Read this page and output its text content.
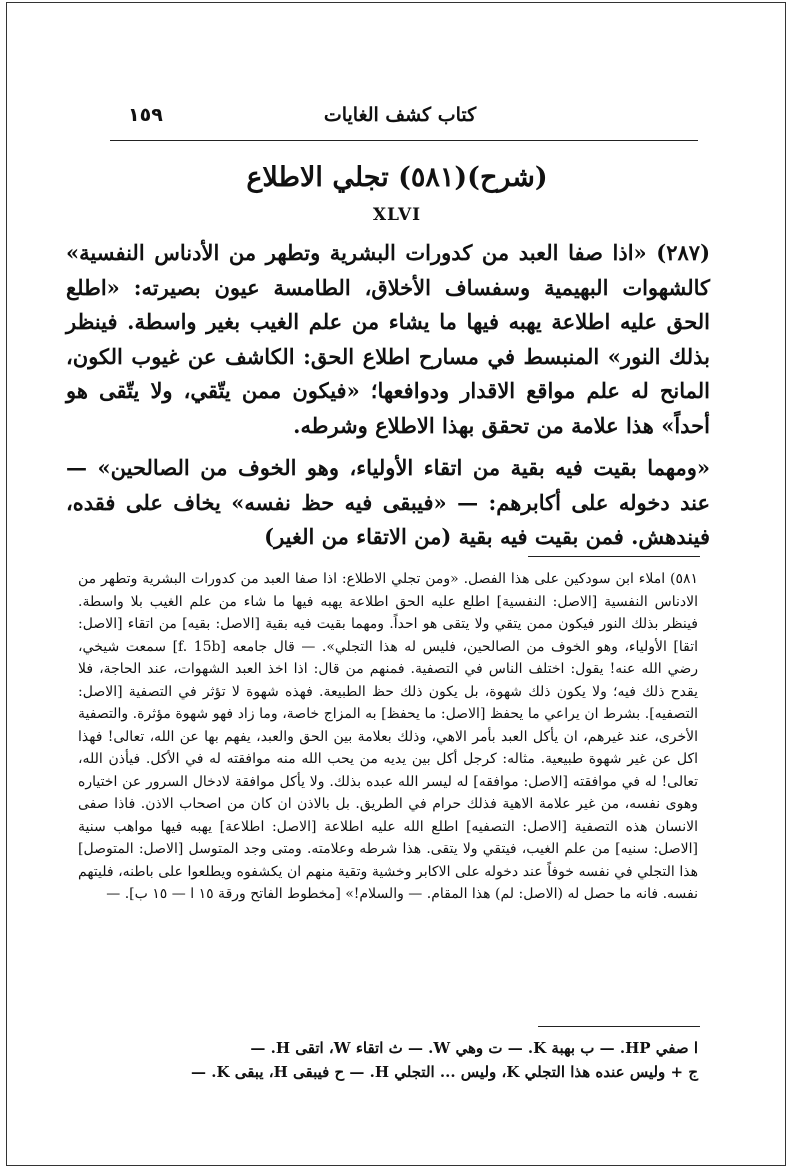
١٥٩	كتاب كشف الغايات
(شرح)(٥٨١) تجلي الاطلاع
XLVI

(٢٨٧) «اذا صفا العبد من كدورات البشرية وتطهر من الأدناس النفسية» كالشهوات البهيمية وسفساف الأخلاق، الطامسة عيون بصيرته: «اطلع الحق عليه اطلاعة يهبه فيها ما يشاء من علم الغيب بغير واسطة. فينظر بذلك النور» المنبسط في مسارح اطلاع الحق: الكاشف عن غيوب الكون، المانح له علم مواقع الاقدار ودوافعها؛ «فيكون ممن يتّقي، ولا يتّقى هو أحداً» هذا علامة من تحقق بهذا الاطلاع وشرطه.

«ومهما بقيت فيه بقية من اتقاء الأولياء، وهو الخوف من الصالحين» — عند دخوله على أكابرهم: — «فيبقى فيه حظ نفسه» يخاف على فقده، فيندهش. فمن بقيت فيه بقية (من الاتقاء من الغير)

٥٨١) املاء ابن سودكين على هذا الفصل. «ومن تجلي الاطلاع: اذا صفا العبد من كدورات البشرية وتطهر من الادناس النفسية [الاصل: النفسية] اطلع عليه الحق اطلاعة يهبه فيها ما شاء من علم الغيب بلا واسطة. فينظر بذلك النور فيكون ممن يتقي ولا يتقى هو احداً. ومهما بقيت فيه بقية [الاصل: بقيه] من اتقاء [الاصل: اتقا] الأولياء، وهو الخوف من الصالحين، فليس له هذا التجلي». — قال جامعه [f. 15b] سمعت شيخي، رضي الله عنه! يقول: اختلف الناس في التصفية. فمنهم من قال: اذا اخذ العبد الشهوات، عند الحاجة، فلا يقدح ذلك فيه؛ ولا يكون ذلك شهوة، بل يكون ذلك حظ الطبيعة. فهذه شهوة لا تؤثر في التصفية [الاصل: التصفيه]. بشرط ان يراعي ما يحفظ [الاصل: ما يحفظ] به المزاج خاصة، وما زاد فهو شهوة مؤثرة. والتصفية الأخرى، عند غيرهم، ان يأكل العبد بأمر الاهي، وذلك بعلامة بين الحق والعبد، يفهم بها عن الله، تعالى! فهذا اكل عن غير شهوة طبيعية. مثاله: كرجل أكل بين يديه من يحب الله منه موافقته له في الأكل. فيأذن الله، تعالى! له في موافقته [الاصل: موافقه] له ليسر الله عبده بذلك. ولا يأكل موافقة لادخال السرور عن اختياره وهوى نفسه، من غير علامة الاهية فذلك حرام في الطريق. بل بالاذن ان كان من اصحاب الاذن. فاذا صفى الانسان هذه التصفية [الاصل: التصفيه] اطلع الله عليه اطلاعة [الاصل: اطلاعة] يهبه فيها مواهب سنية [الاصل: سنيه] من علم الغيب، فيتقي ولا يتقى. هذا شرطه وعلامته. ومتى وجد المتوسل [الاصل: المتوصل] هذا التجلي في نفسه خوفاً عند دخوله على الاكابر وخشية وتقية منهم ان يكشفوه ويطلعوا على باطنه، فليتهم نفسه. فانه ما حصل له (الاصل: لم) هذا المقام. — والسلام!» [مخطوط الفاتح ورقة ١٥ ا — ١٥ ب]. —

ا صفي HP. — ب بهبة K. — ت وهي W. — ث اتقاء W، اتقى H. —

ج + وليس عنده هذا التجلي K، وليس ... التجلي H. — ح فيبقى H، يبقى K. —
